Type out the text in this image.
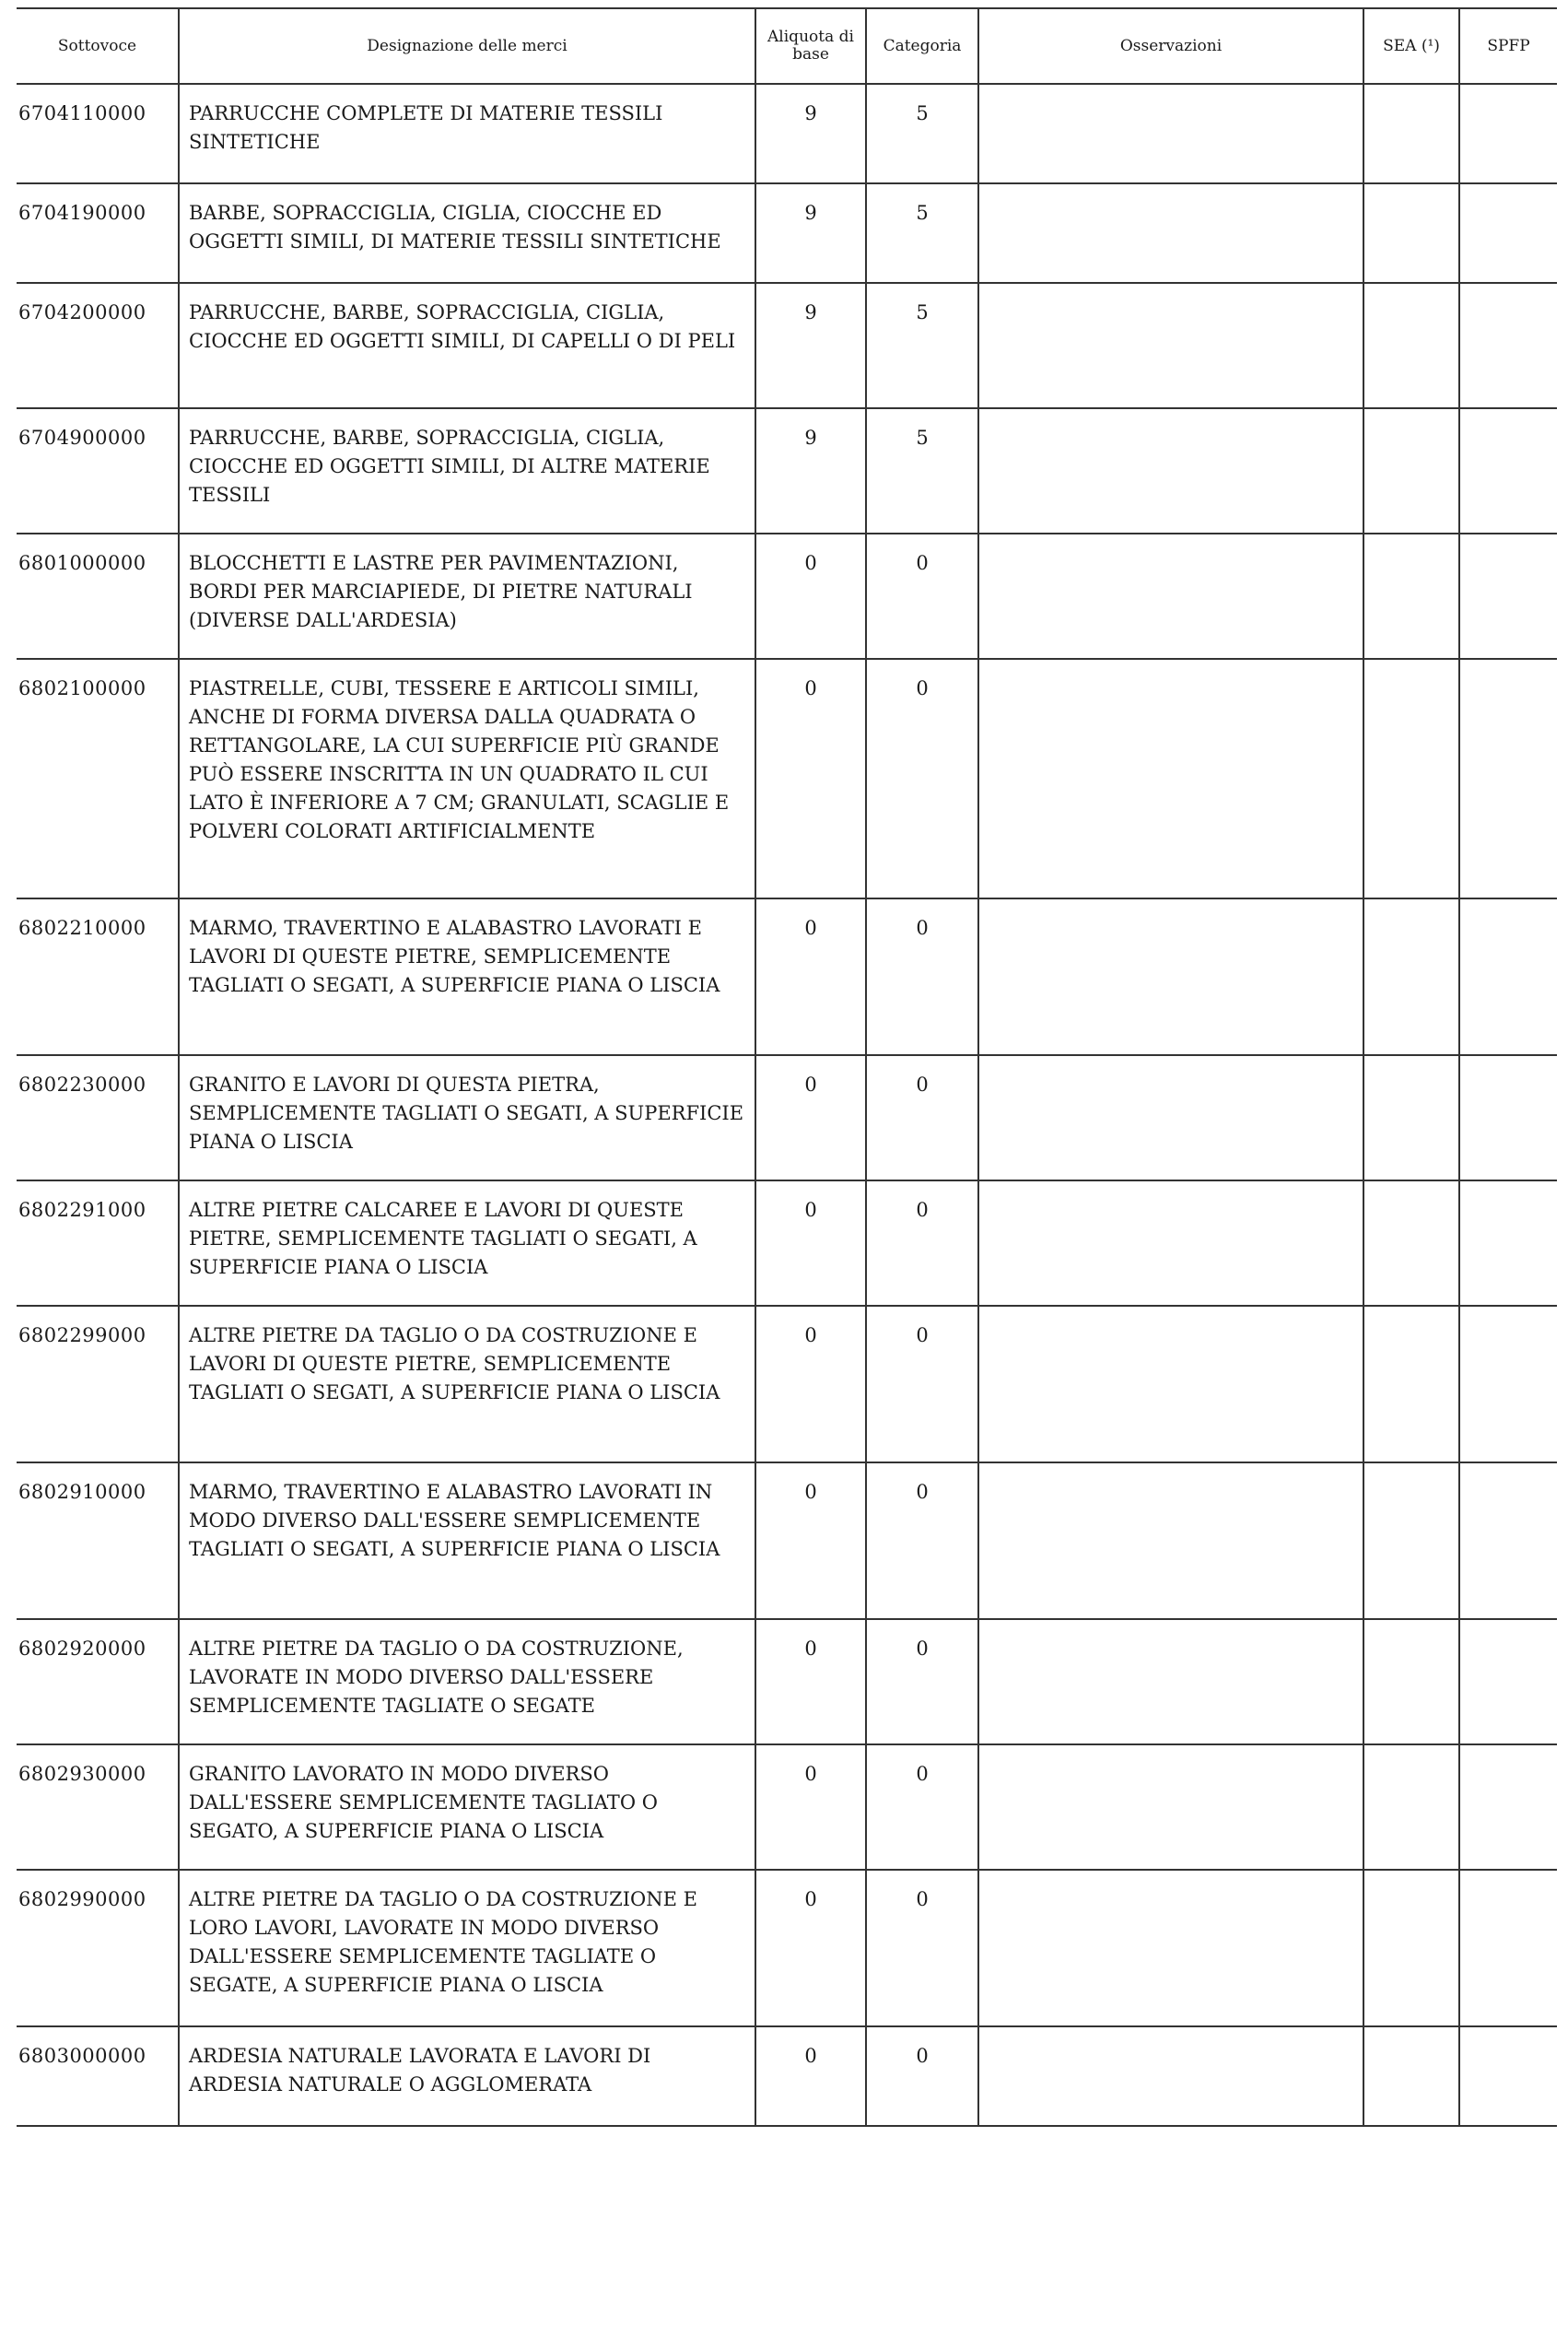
Sottovoce	Designazione delle merci	Aliquota di base	Categoria	Osservazioni	SEA (¹)	SPFP
6704110000	PARRUCCHE COMPLETE DI MATERIE TESSILI SINTETICHE	9	5			
6704190000	BARBE, SOPRACCIGLIA, CIGLIA, CIOCCHE ED OGGETTI SIMILI, DI MATERIE TESSILI SINTETICHE	9	5			
6704200000	PARRUCCHE, BARBE, SOPRACCIGLIA, CIGLIA, CIOCCHE ED OGGETTI SIMILI, DI CAPELLI O DI PELI	9	5			
6704900000	PARRUCCHE, BARBE, SOPRACCIGLIA, CIGLIA, CIOCCHE ED OGGETTI SIMILI, DI ALTRE MATERIE TESSILI	9	5			
6801000000	BLOCCHETTI E LASTRE PER PAVIMENTAZIONI, BORDI PER MARCIAPIEDE, DI PIETRE NATURALI (DIVERSE DALL'ARDESIA)	0	0			
6802100000	PIASTRELLE, CUBI, TESSERE E ARTICOLI SIMILI, ANCHE DI FORMA DIVERSA DALLA QUADRATA O RETTANGOLARE, LA CUI SUPERFICIE PIÙ GRANDE PUÒ ESSERE INSCRITTA IN UN QUADRATO IL CUI LATO È INFERIORE A 7 CM; GRANULATI, SCAGLIE E POLVERI COLORATI ARTIFICIALMENTE	0	0			
6802210000	MARMO, TRAVERTINO E ALABASTRO LAVORATI E LAVORI DI QUESTE PIETRE, SEMPLICEMENTE TAGLIATI O SEGATI, A SUPERFICIE PIANA O LISCIA	0	0			
6802230000	GRANITO E LAVORI DI QUESTA PIETRA, SEMPLICEMENTE TAGLIATI O SEGATI, A SUPERFICIE PIANA O LISCIA	0	0			
6802291000	ALTRE PIETRE CALCAREE E LAVORI DI QUESTE PIETRE, SEMPLICEMENTE TAGLIATI O SEGATI, A SUPERFICIE PIANA O LISCIA	0	0			
6802299000	ALTRE PIETRE DA TAGLIO O DA COSTRUZIONE E LAVORI DI QUESTE PIETRE, SEMPLICEMENTE TAGLIATI O SEGATI, A SUPERFICIE PIANA O LISCIA	0	0			
6802910000	MARMO, TRAVERTINO E ALABASTRO LAVORATI IN MODO DIVERSO DALL'ESSERE SEMPLICEMENTE TAGLIATI O SEGATI, A SUPERFICIE PIANA O LISCIA	0	0			
6802920000	ALTRE PIETRE DA TAGLIO O DA COSTRUZIONE, LAVORATE IN MODO DIVERSO DALL'ESSERE SEMPLICEMENTE TAGLIATE O SEGATE	0	0			
6802930000	GRANITO LAVORATO IN MODO DIVERSO DALL'ESSERE SEMPLICEMENTE TAGLIATO O SEGATO, A SUPERFICIE PIANA O LISCIA	0	0			
6802990000	ALTRE PIETRE DA TAGLIO O DA COSTRUZIONE E LORO LAVORI, LAVORATE IN MODO DIVERSO DALL'ESSERE SEMPLICEMENTE TAGLIATE O SEGATE, A SUPERFICIE PIANA O LISCIA	0	0			
6803000000	ARDESIA NATURALE LAVORATA E LAVORI DI ARDESIA NATURALE O AGGLOMERATA	0	0			
